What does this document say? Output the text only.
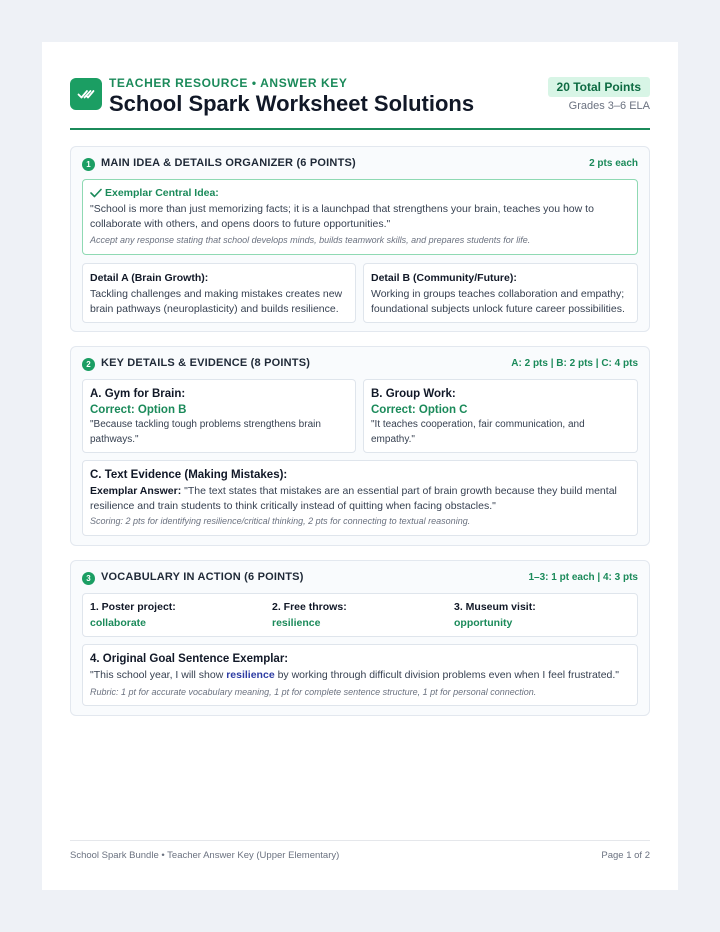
TEACHER RESOURCE • ANSWER KEY
School Spark Worksheet Solutions
20 Total Points
Grades 3–6 ELA
1 MAIN IDEA & DETAILS ORGANIZER (6 POINTS)	2 pts each
Exemplar Central Idea:
"School is more than just memorizing facts; it is a launchpad that strengthens your brain, teaches you how to collaborate with others, and opens doors to future opportunities."
Accept any response stating that school develops minds, builds teamwork skills, and prepares students for life.
Detail A (Brain Growth):
Tackling challenges and making mistakes creates new brain pathways (neuroplasticity) and builds resilience.
Detail B (Community/Future):
Working in groups teaches collaboration and empathy; foundational subjects unlock future career possibilities.
2 KEY DETAILS & EVIDENCE (8 POINTS)	A: 2 pts | B: 2 pts | C: 4 pts
A. Gym for Brain:
Correct: Option B
"Because tackling tough problems strengthens brain pathways."
B. Group Work:
Correct: Option C
"It teaches cooperation, fair communication, and empathy."
C. Text Evidence (Making Mistakes):
Exemplar Answer: "The text states that mistakes are an essential part of brain growth because they build mental resilience and train students to think critically instead of quitting when facing obstacles."
Scoring: 2 pts for identifying resilience/critical thinking, 2 pts for connecting to textual reasoning.
3 VOCABULARY IN ACTION (6 POINTS)	1–3: 1 pt each | 4: 3 pts
1. Poster project:
collaborate
2. Free throws:
resilience
3. Museum visit:
opportunity
4. Original Goal Sentence Exemplar:
"This school year, I will show resilience by working through difficult division problems even when I feel frustrated."
Rubric: 1 pt for accurate vocabulary meaning, 1 pt for complete sentence structure, 1 pt for personal connection.
School Spark Bundle • Teacher Answer Key (Upper Elementary)	Page 1 of 2
